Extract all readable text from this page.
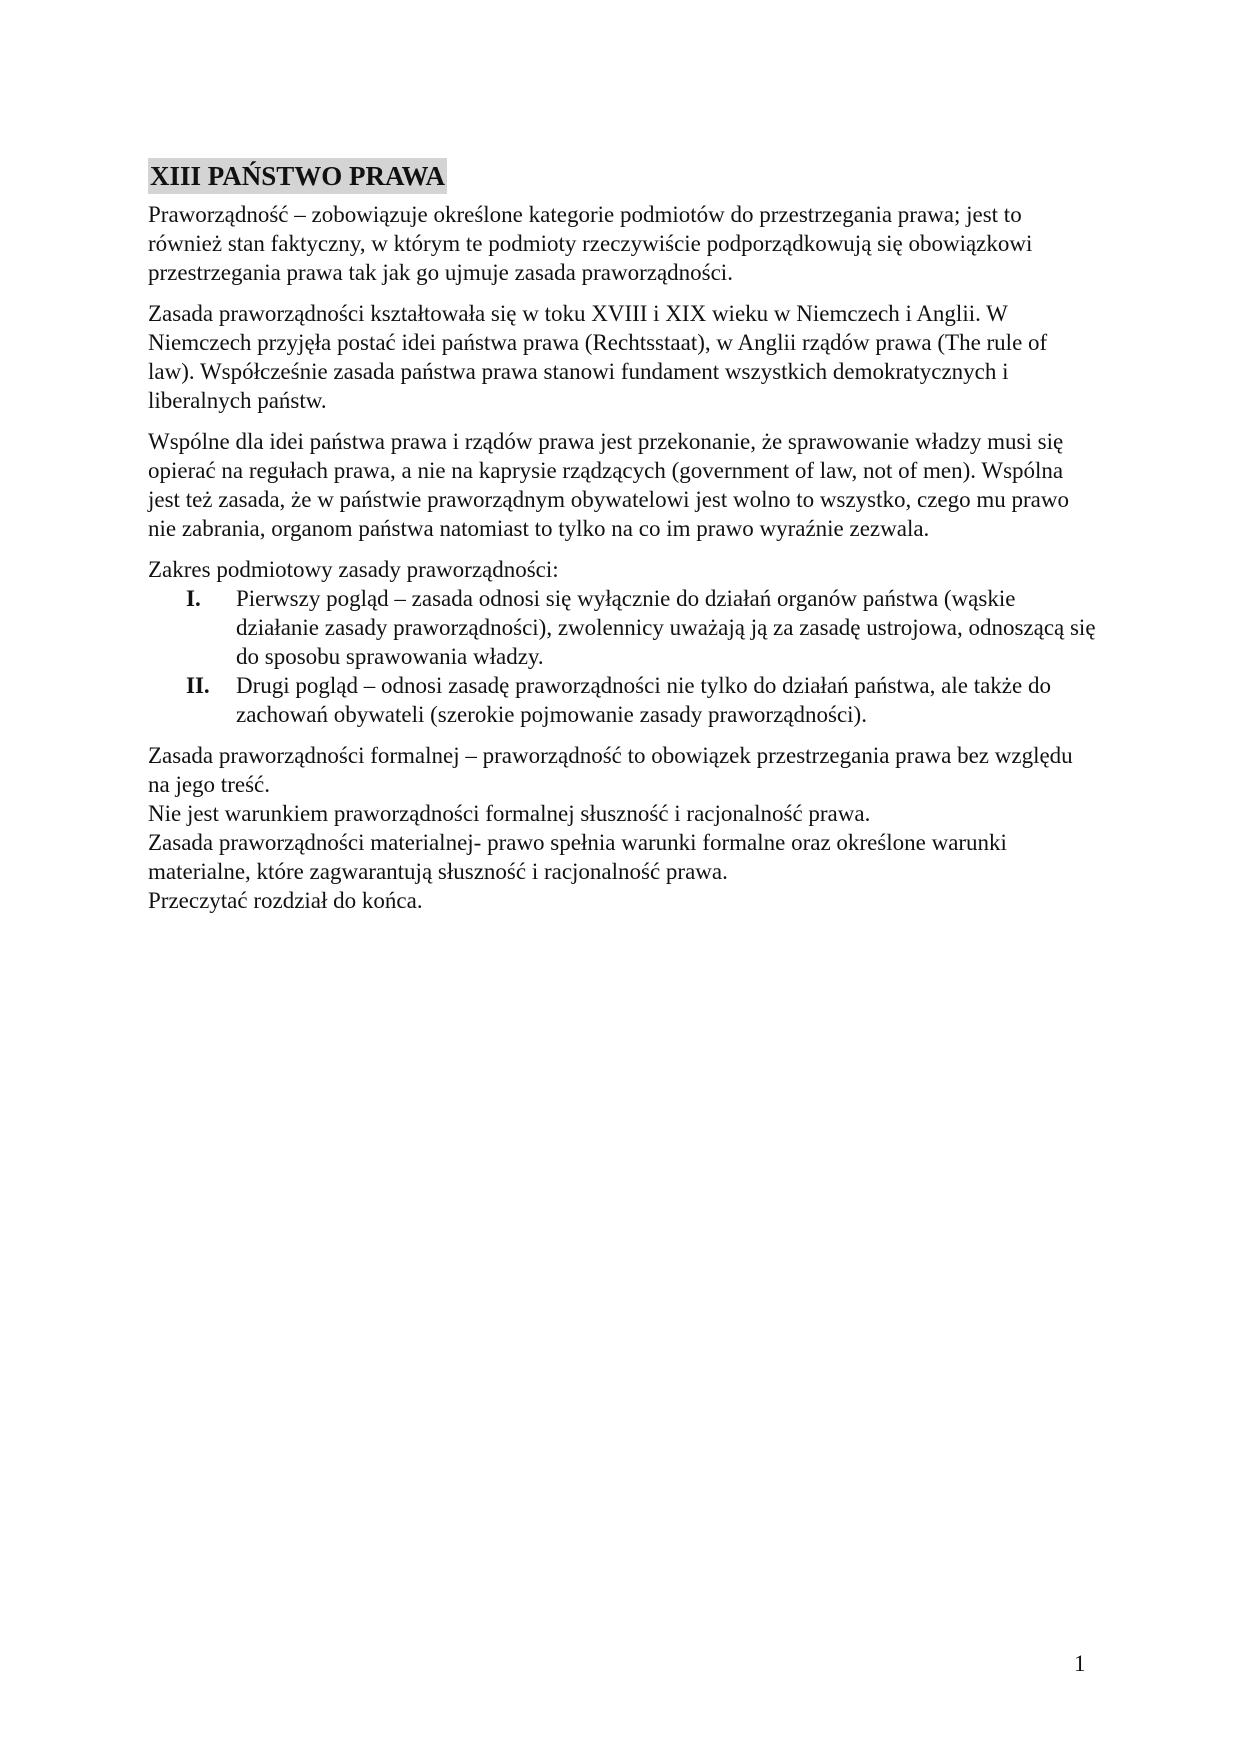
XIII PAŃSTWO PRAWA

Praworządność – zobowiązuje określone kategorie podmiotów do przestrzegania prawa; jest to również stan faktyczny, w którym te podmioty rzeczywiście podporządkowują się obowiązkowi przestrzegania prawa tak jak go ujmuje zasada praworządności.

Zasada praworządności kształtowała się w toku XVIII i XIX wieku w Niemczech i Anglii. W Niemczech przyjęła postać idei państwa prawa (Rechtsstaat), w Anglii rządów prawa (The rule of law). Współcześnie zasada państwa prawa stanowi fundament wszystkich demokratycznych i liberalnych państw.

Wspólne dla idei państwa prawa i rządów prawa jest przekonanie, że sprawowanie władzy musi się opierać na regułach prawa, a nie na kaprysie rządzących (government of law, not of men). Wspólna jest też zasada, że w państwie praworządnym obywatelowi jest wolno to wszystko, czego mu prawo nie zabrania, organom państwa natomiast to tylko na co im prawo wyraźnie zezwala.

Zakres podmiotowy zasady praworządności:

I. Pierwszy pogląd – zasada odnosi się wyłącznie do działań organów państwa (wąskie działanie zasady praworządności), zwolennicy uważają ją za zasadę ustrojowa, odnoszącą się do sposobu sprawowania władzy.
II. Drugi pogląd – odnosi zasadę praworządności nie tylko do działań państwa, ale także do zachowań obywateli (szerokie pojmowanie zasady praworządności).

Zasada praworządności formalnej – praworządność to obowiązek przestrzegania prawa bez względu na jego treść.

Nie jest warunkiem praworządności formalnej słuszność i racjonalność prawa.

Zasada praworządności materialnej- prawo spełnia warunki formalne oraz określone warunki materialne, które zagwarantują słuszność i racjonalność prawa.

Przeczytać rozdział do końca.

1
